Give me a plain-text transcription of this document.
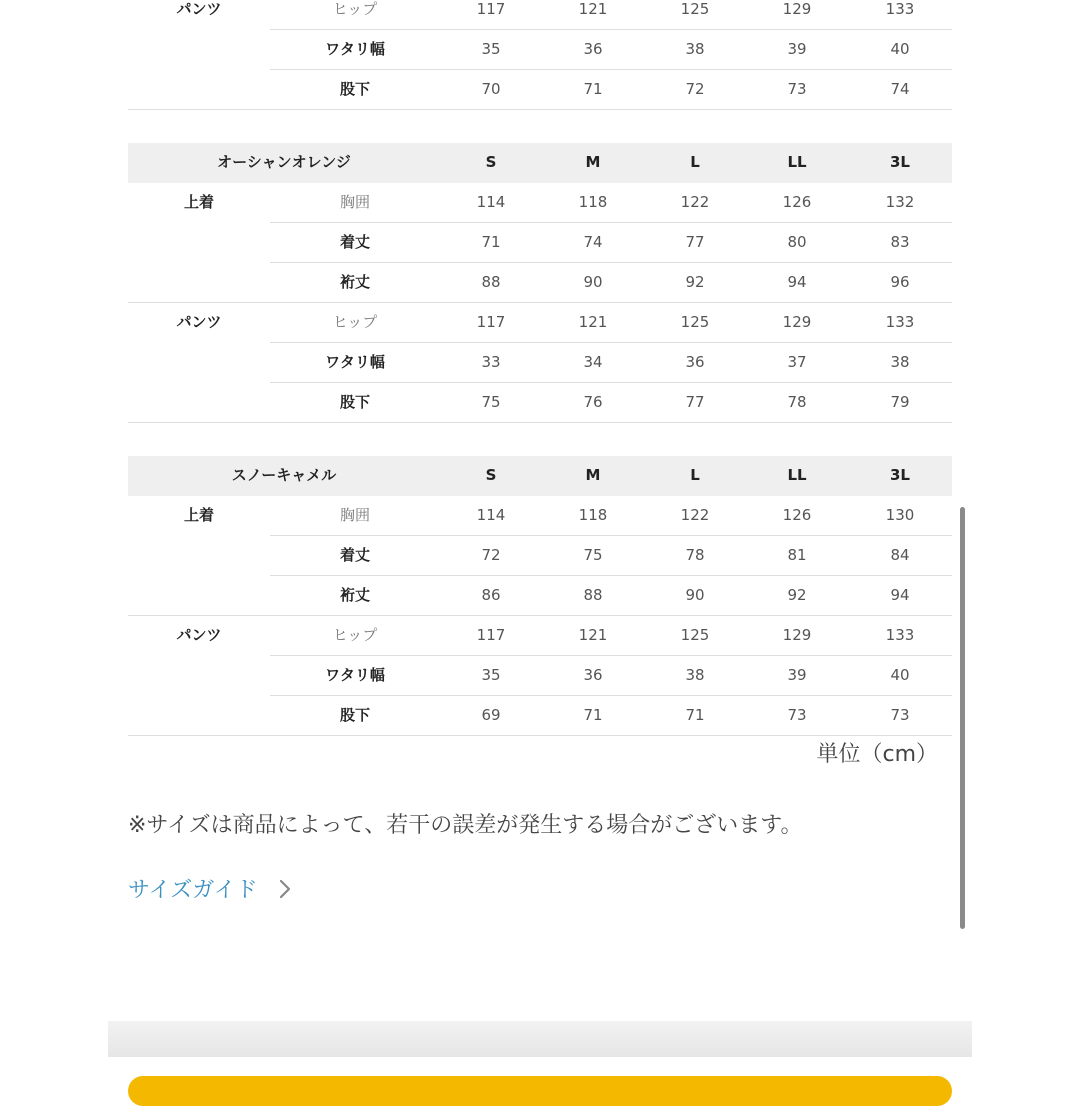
パンツ	ヒップ	117	121	125	129	133
ワタリ幅	35	36	38	39	40
股下	70	71	72	73	74
オーシャンオレンジ	S	M	L	LL	3L
上着	胸囲	114	118	122	126	132
着丈	71	74	77	80	83
裄丈	88	90	92	94	96
パンツ	ヒップ	117	121	125	129	133
ワタリ幅	33	34	36	37	38
股下	75	76	77	78	79
スノーキャメル	S	M	L	LL	3L
上着	胸囲	114	118	122	126	130
着丈	72	75	78	81	84
裄丈	86	88	90	92	94
パンツ	ヒップ	117	121	125	129	133
ワタリ幅	35	36	38	39	40
股下	69	71	71	73	73
単位（cm）
※サイズは商品によって、若干の誤差が発生する場合がございます。
サイズガイド
